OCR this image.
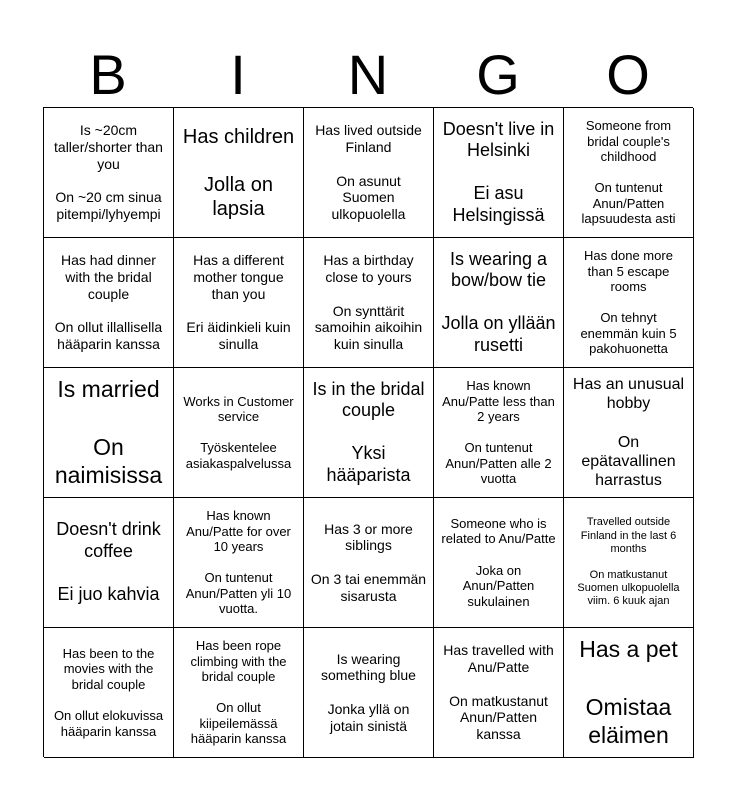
B	I	N	G	O
Is ~20cm taller/shorter than you

On ~20 cm sinua pitempi/lyhyempi
Has children

Jolla on lapsia
Has lived outside Finland

On asunut Suomen ulkopuolella
Doesn't live in Helsinki

Ei asu Helsingissä
Someone from bridal couple's childhood

On tuntenut Anun/Patten lapsuudesta asti
Has had dinner with the bridal couple

On ollut illallisella hääparin kanssa
Has a different mother tongue than you

Eri äidinkieli kuin sinulla
Has a birthday close to yours

On synttärit samoihin aikoihin kuin sinulla
Is wearing a bow/bow tie

Jolla on yllään rusetti
Has done more than 5 escape rooms

On tehnyt enemmän kuin 5 pakohuonetta
Is married

On naimisissa
Works in Customer service

Työskentelee asiakaspalvelussa
Is in the bridal couple

Yksi hääparista
Has known Anu/Patte less than 2 years

On tuntenut Anun/Patten alle 2 vuotta
Has an unusual hobby

On epätavallinen harrastus
Doesn't drink coffee

Ei juo kahvia
Has known Anu/Patte for over 10 years

On tuntenut Anun/Patten yli 10 vuotta.
Has 3 or more siblings

On 3 tai enemmän sisarusta
Someone who is related to Anu/Patte

Joka on Anun/Patten sukulainen
Travelled outside Finland in the last 6 months

On matkustanut Suomen ulkopuolella viim. 6 kuuk ajan
Has been to the movies with the bridal couple

On ollut elokuvissa hääparin kanssa
Has been rope climbing with the bridal couple

On ollut kiipeilemässä hääparin kanssa
Is wearing something blue

Jonka yllä on jotain sinistä
Has travelled with Anu/Patte

On matkustanut Anun/Patten kanssa
Has a pet

Omistaa eläimen
